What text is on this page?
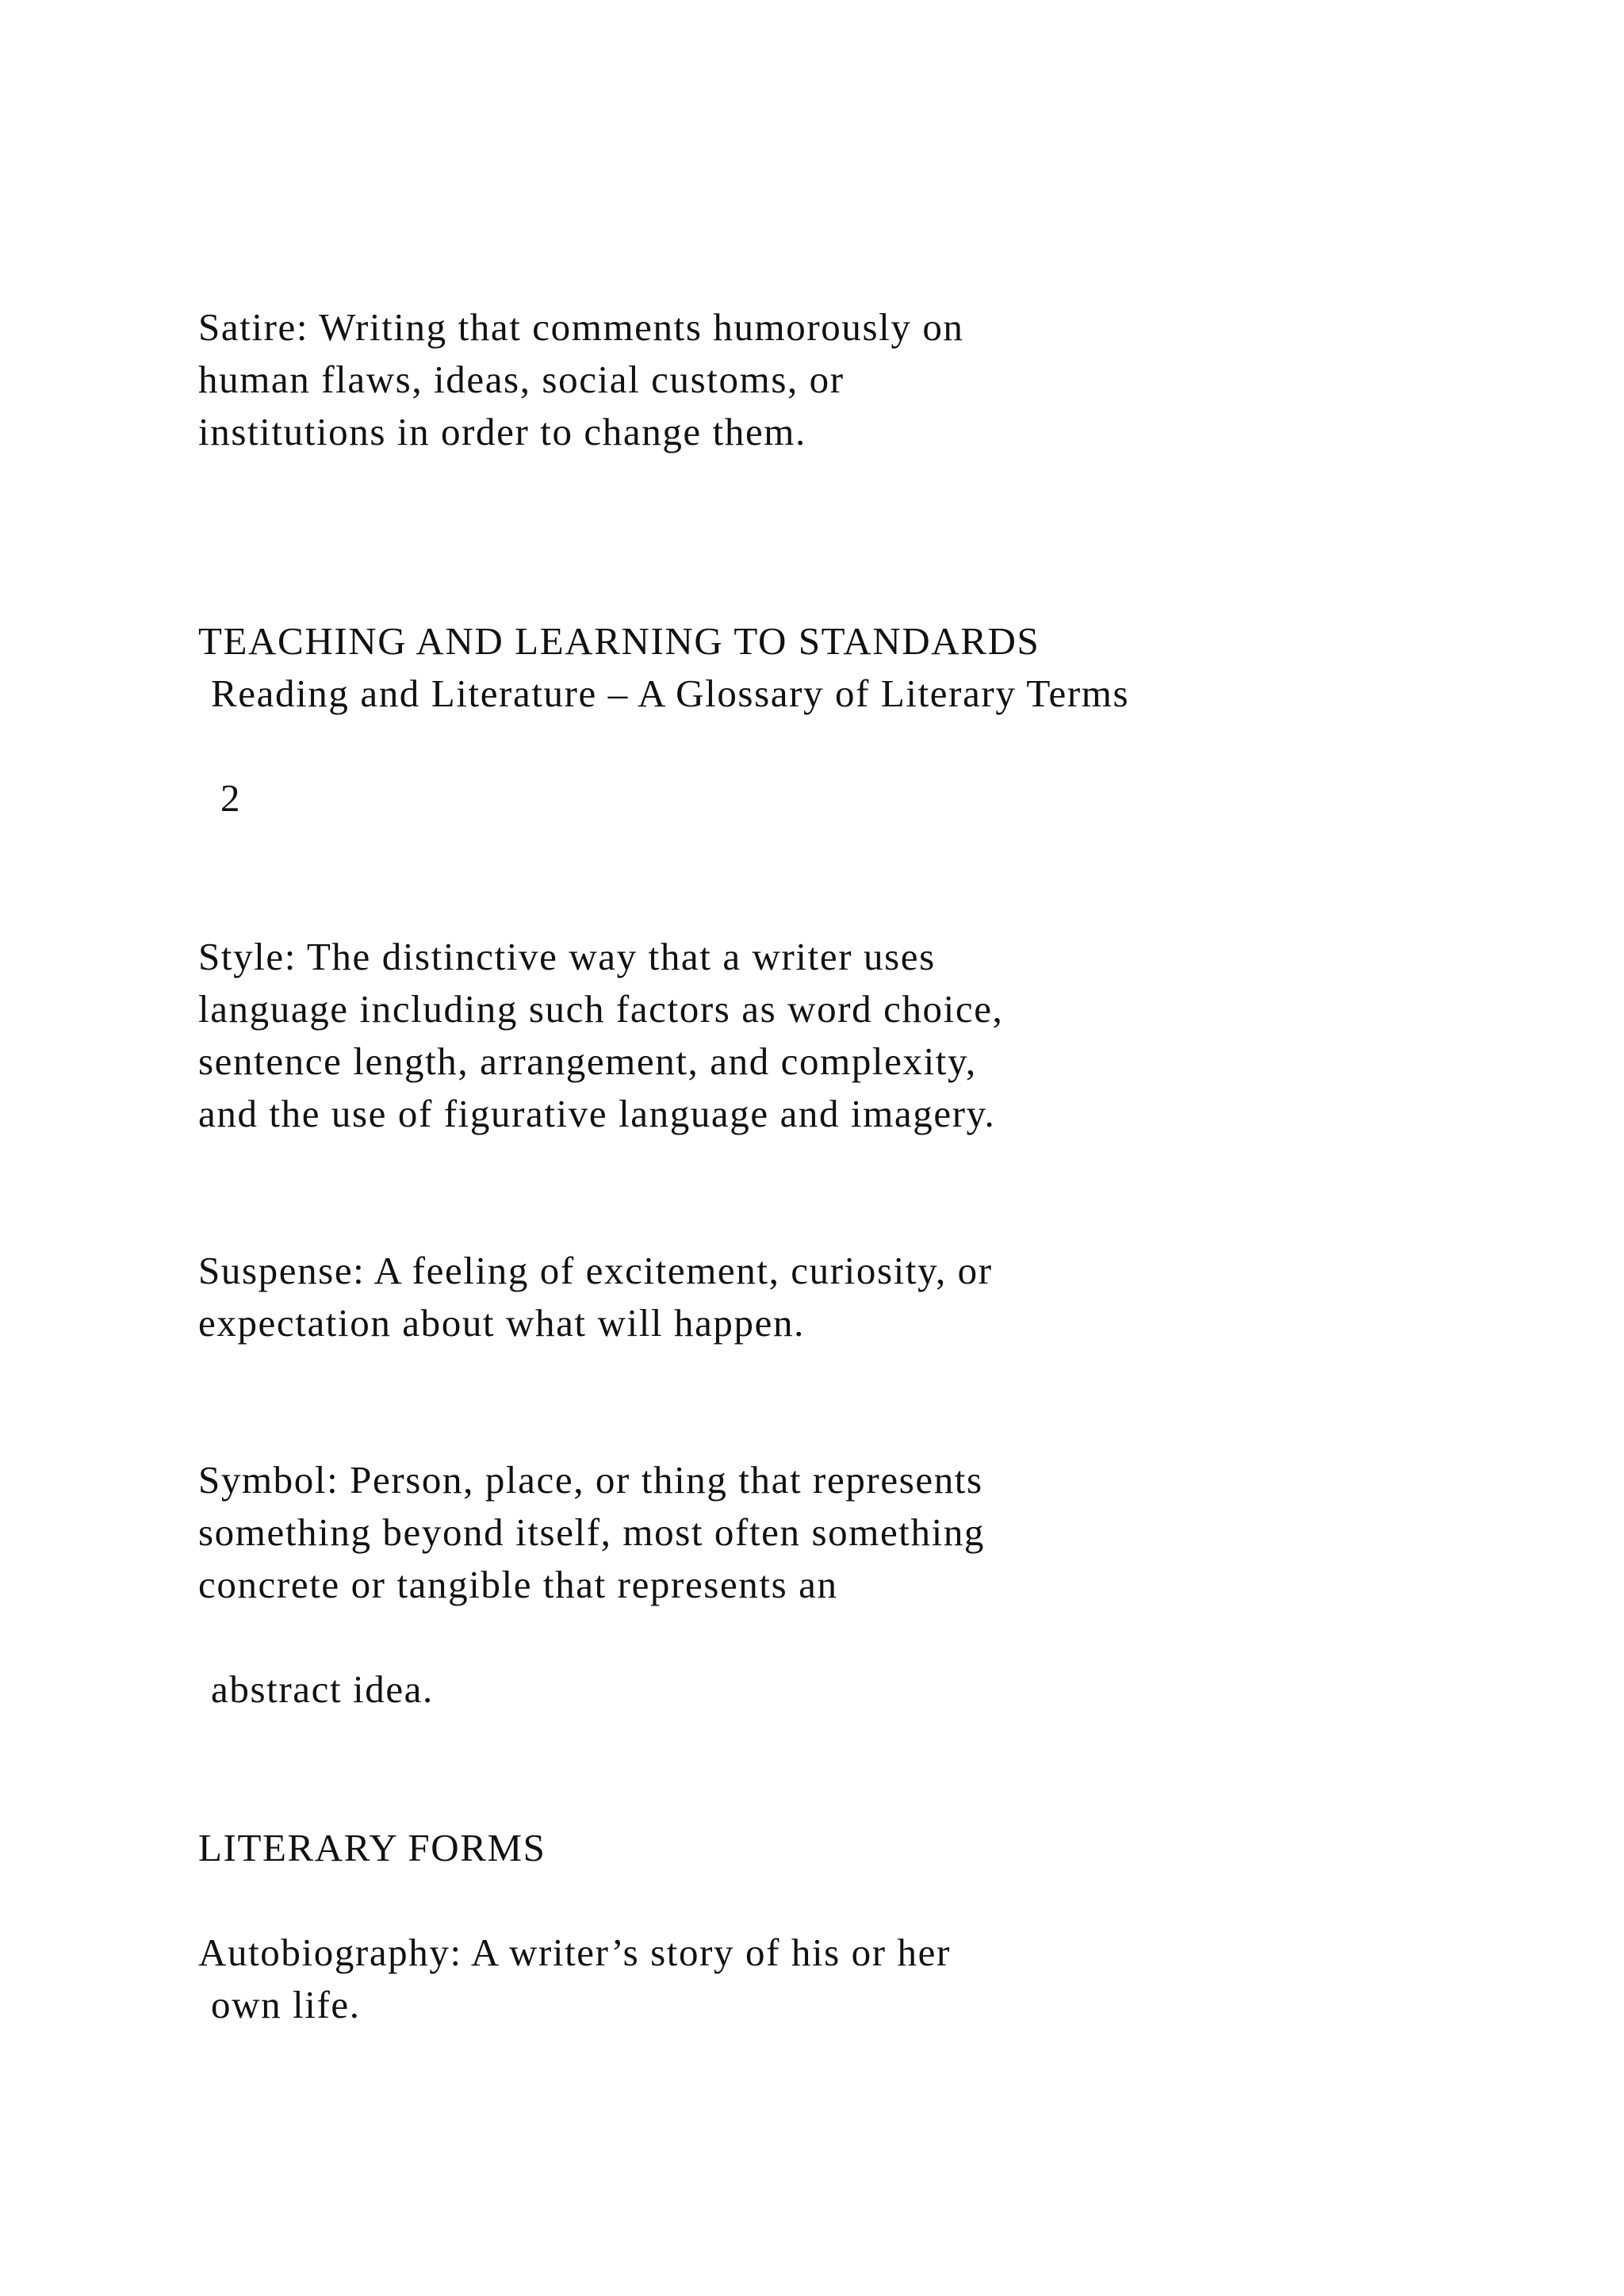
Satire: Writing that comments humorously on
human flaws, ideas, social customs, or
institutions in order to change them.
TEACHING AND LEARNING TO STANDARDS
Reading and Literature – A Glossary of Literary Terms
2
Style: The distinctive way that a writer uses
language including such factors as word choice,
sentence length, arrangement, and complexity,
and the use of figurative language and imagery.
Suspense: A feeling of excitement, curiosity, or
expectation about what will happen.
Symbol: Person, place, or thing that represents
something beyond itself, most often something
concrete or tangible that represents an
abstract idea.
LITERARY FORMS
Autobiography: A writer’s story of his or her
own life.
